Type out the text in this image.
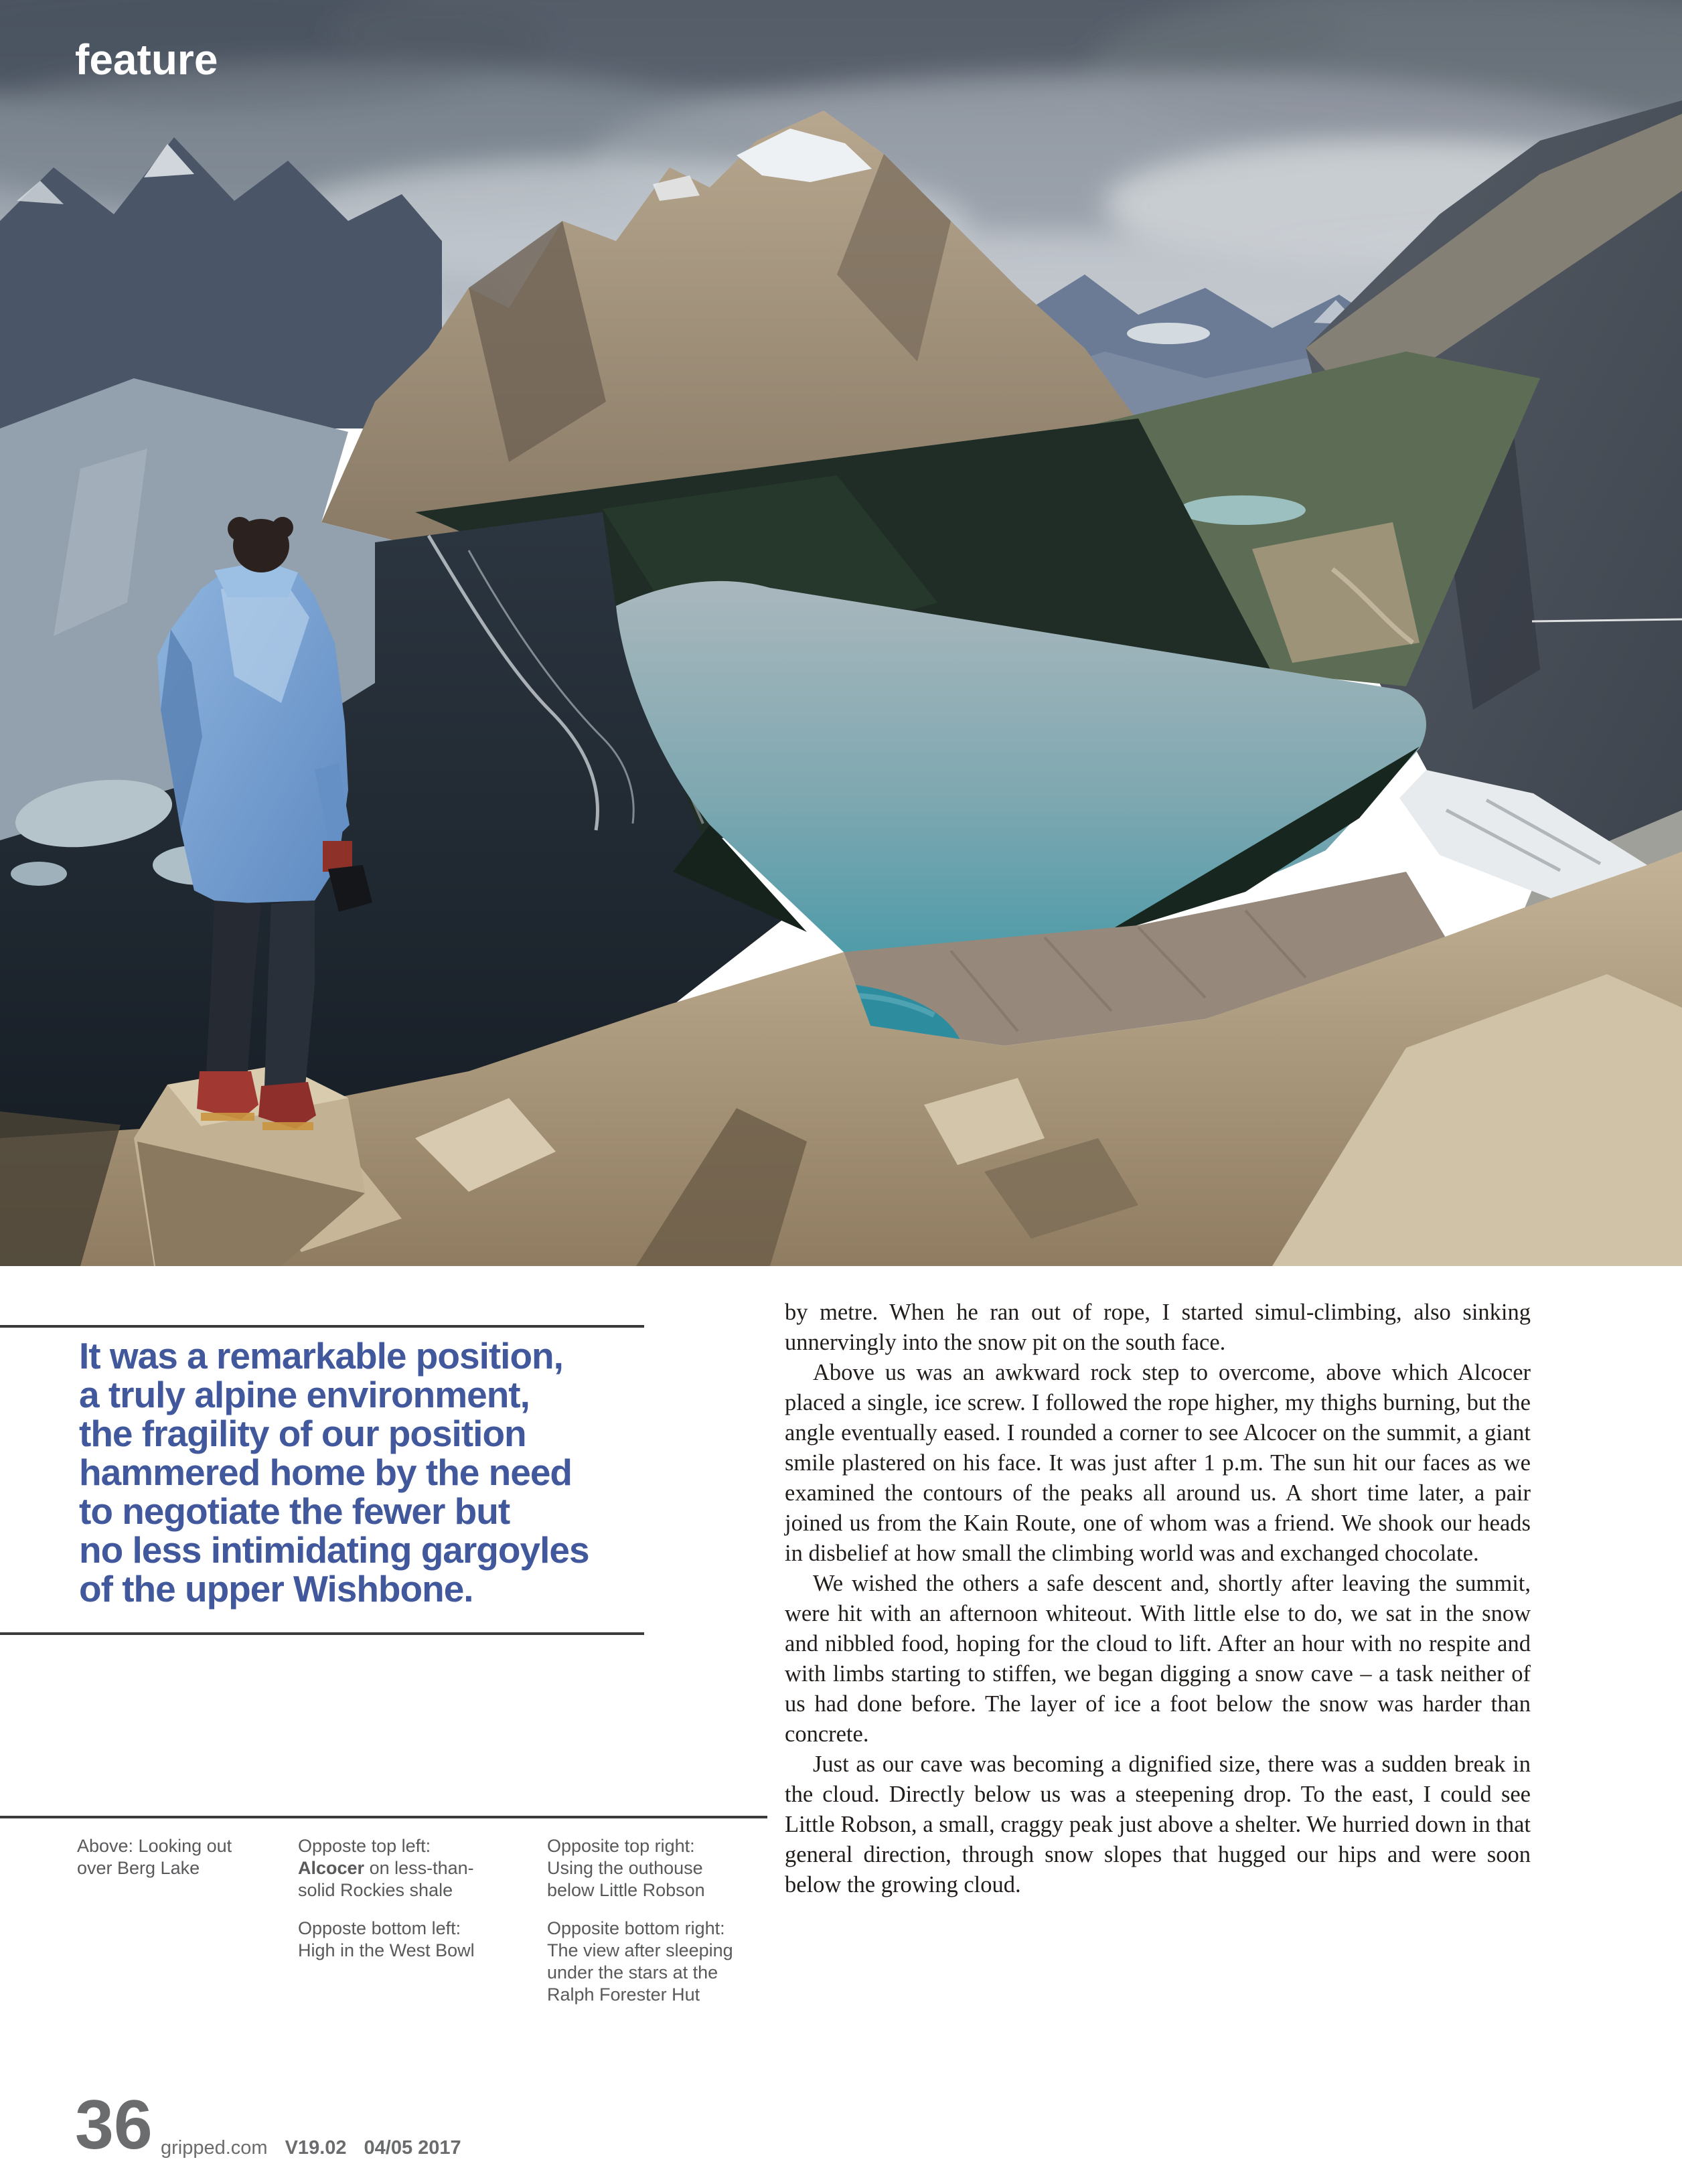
feature
It was a remarkable position,
a truly alpine environment,
the fragility of our position
hammered home by the need
to negotiate the fewer but
no less intimidating gargoyles
of the upper Wishbone.
Above: Looking out
over Berg Lake
Opposte top left:
Alcocer on less-than-
solid Rockies shale
Opposte bottom left:
High in the West Bowl
Opposite top right:
Using the outhouse
below Little Robson
Opposite bottom right:
The view after sleeping
under the stars at the
Ralph Forester Hut

by metre. When he ran out of rope, I started simul-climbing, also sinking unnervingly into the snow pit on the south face.

Above us was an awkward rock step to overcome, above which Alcocer placed a single, ice screw. I followed the rope higher, my thighs burning, but the angle eventually eased. I rounded a corner to see Alcocer on the summit, a giant smile plastered on his face. It was just after 1 p.m. The sun hit our faces as we examined the contours of the peaks all around us. A short time later, a pair joined us from the Kain Route, one of whom was a friend. We shook our heads in disbelief at how small the climbing world was and exchanged chocolate.

We wished the others a safe descent and, shortly after leaving the summit, were hit with an afternoon whiteout. With little else to do, we sat in the snow and nibbled food, hoping for the cloud to lift. After an hour with no respite and with limbs starting to stiffen, we began digging a snow cave – a task neither of us had done before. The layer of ice a foot below the snow was harder than concrete.

Just as our cave was becoming a dignified size, there was a sudden break in the cloud. Directly below us was a steepening drop. To the east, I could see Little Robson, a small, craggy peak just above a shelter. We hurried down in that general direction, through snow slopes that hugged our hips and were soon below the growing cloud.

36 gripped.com V19.02 04/05 2017
